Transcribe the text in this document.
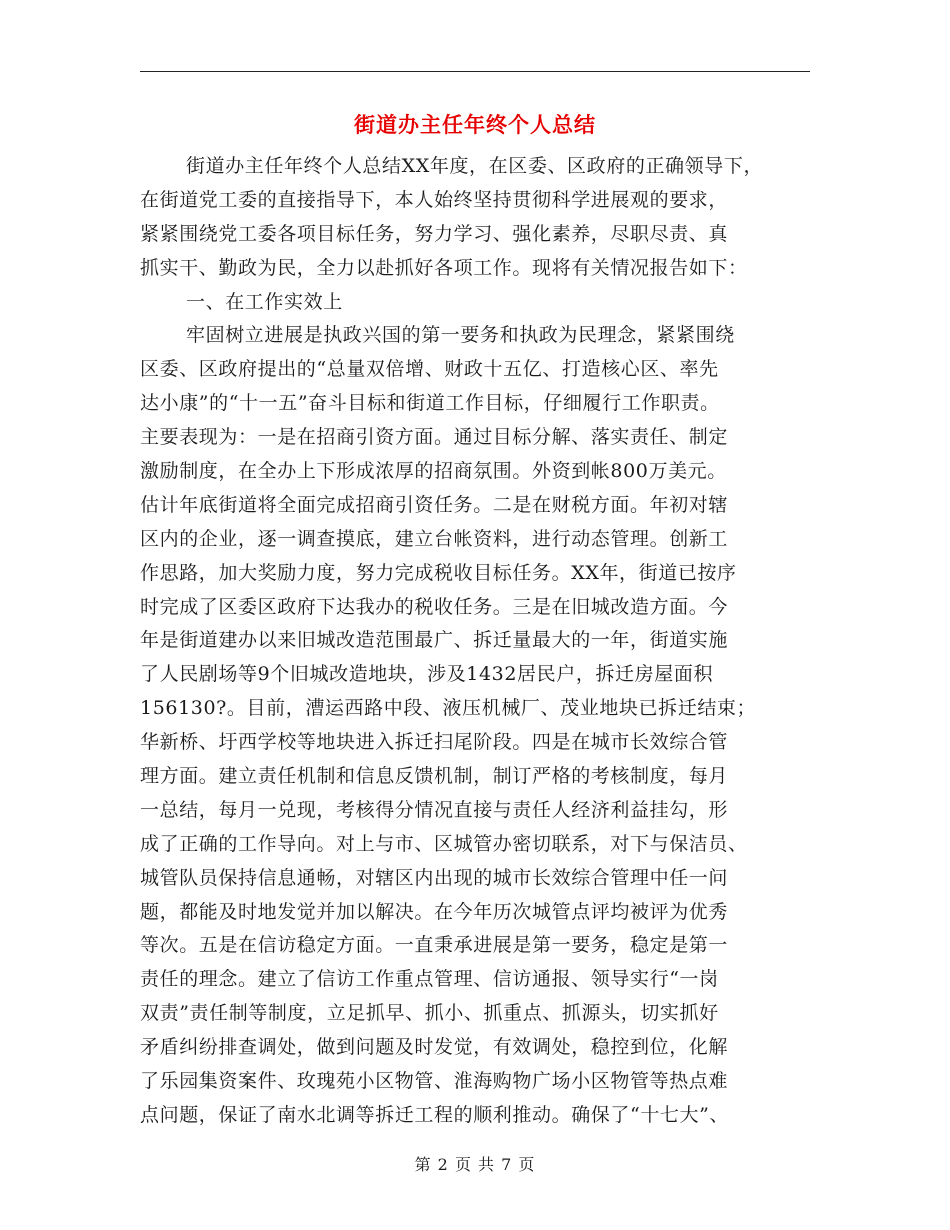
街道办主任年终个人总结
街道办主任年终个人总结XX年度，在区委、区政府的正确领导下，
在街道党工委的直接指导下，本人始终坚持贯彻科学进展观的要求，
紧紧围绕党工委各项目标任务，努力学习、强化素养，尽职尽责、真
抓实干、勤政为民，全力以赴抓好各项工作。现将有关情况报告如下：
一、在工作实效上
牢固树立进展是执政兴国的第一要务和执政为民理念，紧紧围绕
区委、区政府提出的“总量双倍增、财政十五亿、打造核心区、率先
达小康”的“十一五”奋斗目标和街道工作目标，仔细履行工作职责。
主要表现为：一是在招商引资方面。通过目标分解、落实责任、制定
激励制度，在全办上下形成浓厚的招商氛围。外资到帐800万美元。
估计年底街道将全面完成招商引资任务。二是在财税方面。年初对辖
区内的企业，逐一调查摸底，建立台帐资料，进行动态管理。创新工
作思路，加大奖励力度，努力完成税收目标任务。XX年，街道已按序
时完成了区委区政府下达我办的税收任务。三是在旧城改造方面。今
年是街道建办以来旧城改造范围最广、拆迁量最大的一年，街道实施
了人民剧场等9个旧城改造地块，涉及1432居民户，拆迁房屋面积
156130?。目前，漕运西路中段、液压机械厂、茂业地块已拆迁结束；
华新桥、圩西学校等地块进入拆迁扫尾阶段。四是在城市长效综合管
理方面。建立责任机制和信息反馈机制，制订严格的考核制度，每月
一总结，每月一兑现，考核得分情况直接与责任人经济利益挂勾，形
成了正确的工作导向。对上与市、区城管办密切联系，对下与保洁员、
城管队员保持信息通畅，对辖区内出现的城市长效综合管理中任一问
题，都能及时地发觉并加以解决。在今年历次城管点评均被评为优秀
等次。五是在信访稳定方面。一直秉承进展是第一要务，稳定是第一
责任的理念。建立了信访工作重点管理、信访通报、领导实行“一岗
双责”责任制等制度，立足抓早、抓小、抓重点、抓源头，切实抓好
矛盾纠纷排查调处，做到问题及时发觉，有效调处，稳控到位，化解
了乐园集资案件、玫瑰苑小区物管、淮海购物广场小区物管等热点难
点问题，保证了南水北调等拆迁工程的顺利推动。确保了“十七大”、
第 2 页 共 7 页
